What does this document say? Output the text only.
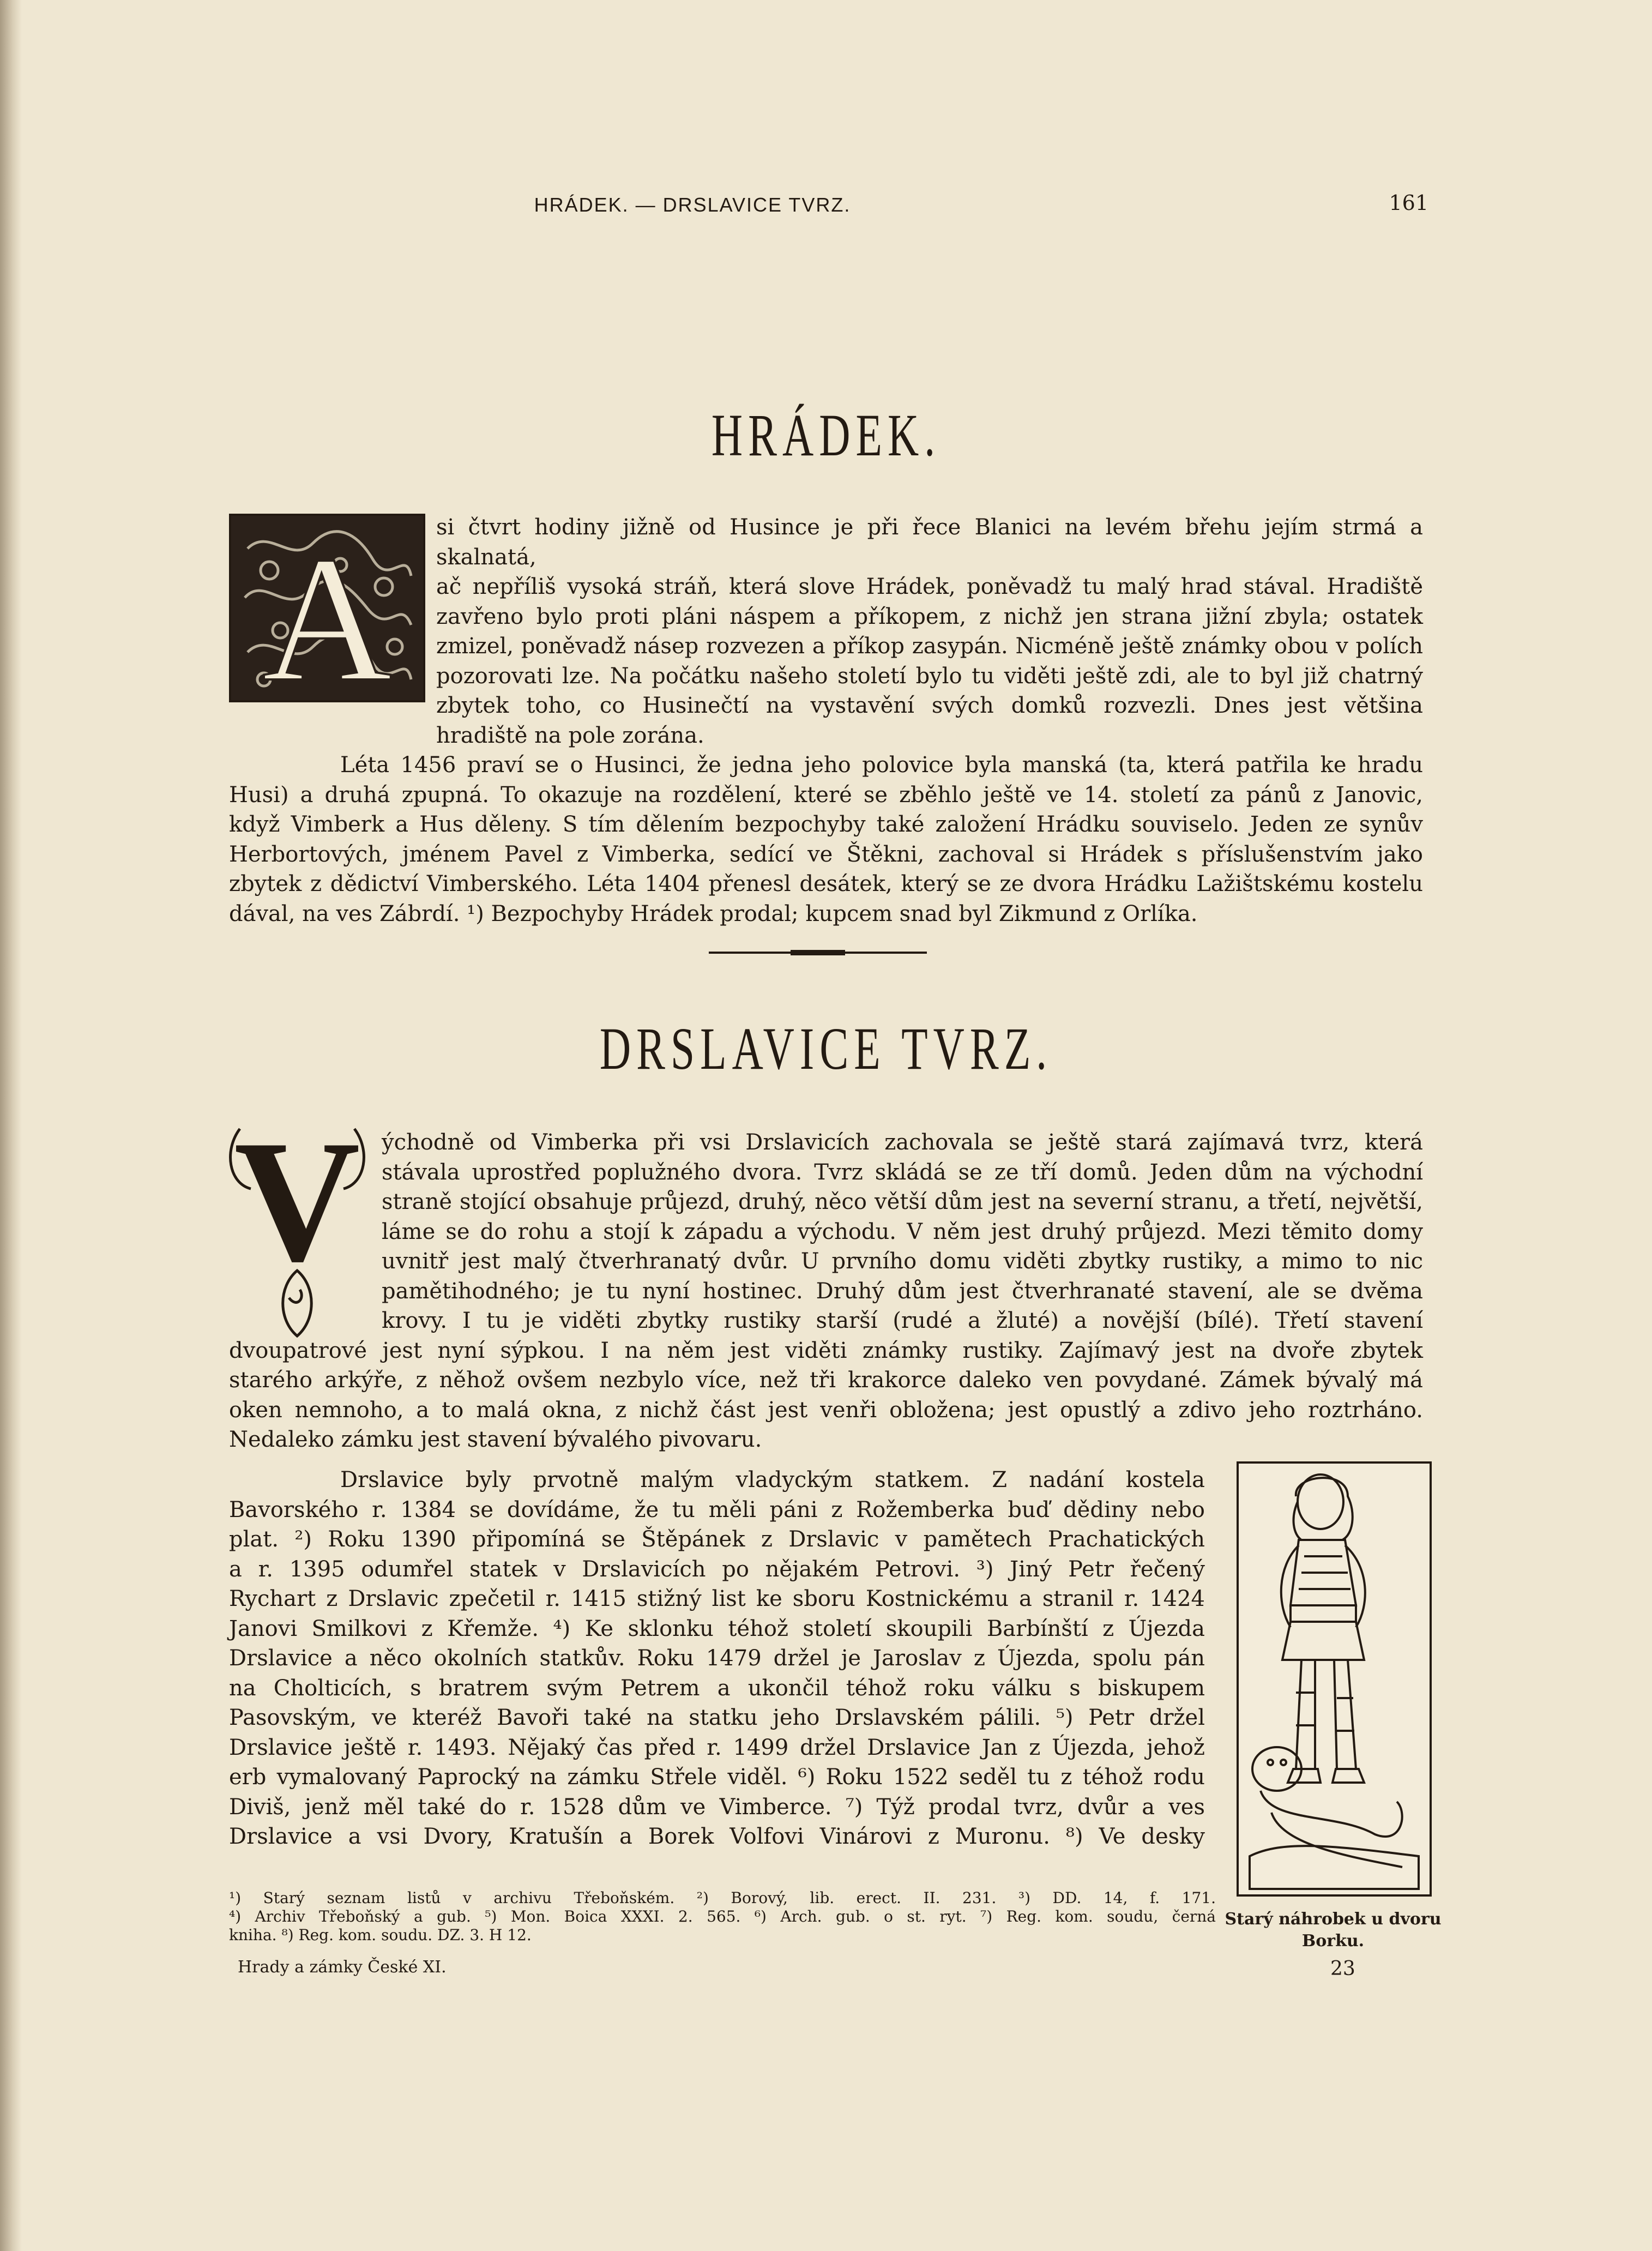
HRÁDEK. — DRSLAVICE TVRZ.	161
HRÁDEK.
A	si čtvrt hodiny jižně od Husince je při řece Blanici na levém břehu jejím strmá a skalnatá,
ač nepříliš vysoká stráň, která slove Hrádek, poněvadž tu malý hrad stával. Hradiště
zavřeno bylo proti pláni náspem a příkopem, z nichž jen strana jižní zbyla; ostatek
zmizel, poněvadž násep rozvezen a příkop zasypán. Nicméně ještě známky obou v polích
pozorovati lze. Na počátku našeho století bylo tu viděti ještě zdi, ale to byl již chatrný
zbytek toho, co Husinečtí na vystavění svých domků rozvezli. Dnes jest většina
hradiště na pole zorána.
Léta 1456 praví se o Husinci, že jedna jeho polovice byla manská (ta, která patřila ke hradu
Husi) a druhá zpupná. To okazuje na rozdělení, které se zběhlo ještě ve 14. století za pánů z Janovic,
když Vimberk a Hus děleny. S tím dělením bezpochyby také založení Hrádku souviselo. Jeden ze synův
Herbortových, jménem Pavel z Vimberka, sedící ve Štěkni, zachoval si Hrádek s příslušenstvím jako
zbytek z dědictví Vimberského. Léta 1404 přenesl desátek, který se ze dvora Hrádku Lažištskému kostelu
dával, na ves Zábrdí. ¹) Bezpochyby Hrádek prodal; kupcem snad byl Zikmund z Orlíka.
DRSLAVICE TVRZ.
V ýchodně od Vimberka při vsi Drslavicích zachovala se ještě stará zajímavá tvrz, která
stávala uprostřed poplužného dvora. Tvrz skládá se ze tří domů. Jeden dům na východní
straně stojící obsahuje průjezd, druhý, něco větší dům jest na severní stranu, a třetí, největší,
láme se do rohu a stojí k západu a východu. V něm jest druhý průjezd. Mezi těmito domy
uvnitř jest malý čtverhranatý dvůr. U prvního domu viděti zbytky rustiky, a mimo to nic
pamětihodného; je tu nyní hostinec. Druhý dům jest čtverhranaté stavení, ale se dvěma
krovy. I tu je viděti zbytky rustiky starší (rudé a žluté) a novější (bílé). Třetí stavení
dvoupatrové jest nyní sýpkou. I na něm jest viděti známky rustiky. Zajímavý jest na dvoře zbytek
starého arkýře, z něhož ovšem nezbylo více, než tři krakorce daleko ven povydané. Zámek bývalý má
oken nemnoho, a to malá okna, z nichž část jest venři obložena; jest opustlý a zdivo jeho roztrháno.
Nedaleko zámku jest stavení bývalého pivovaru.
Drslavice byly prvotně malým vladyckým statkem. Z nadání kostela
Bavorského r. 1384 se dovídáme, že tu měli páni z Rožemberka buď dědiny nebo
plat. ²) Roku 1390 připomíná se Štěpánek z Drslavic v pamětech Prachatických
a r. 1395 odumřel statek v Drslavicích po nějakém Petrovi. ³) Jiný Petr řečený
Rychart z Drslavic zpečetil r. 1415 stižný list ke sboru Kostnickému a stranil r. 1424
Janovi Smilkovi z Křemže. ⁴) Ke sklonku téhož století skoupili Barbínští z Újezda
Drslavice a něco okolních statkův. Roku 1479 držel je Jaroslav z Újezda, spolu pán
na Cholticích, s bratrem svým Petrem a ukončil téhož roku válku s biskupem
Pasovským, ve kteréž Bavoři také na statku jeho Drslavském pálili. ⁵) Petr držel
Drslavice ještě r. 1493. Nějaký čas před r. 1499 držel Drslavice Jan z Újezda, jehož
erb vymalovaný Paprocký na zámku Střele viděl. ⁶) Roku 1522 seděl tu z téhož rodu
Diviš, jenž měl také do r. 1528 dům ve Vimberce. ⁷) Týž prodal tvrz, dvůr a ves
Drslavice a vsi Dvory, Kratušín a Borek Volfovi Vinárovi z Muronu. ⁸) Ve desky
Starý náhrobek u dvoru Borku.
¹) Starý seznam listů v archivu Třeboňském. ²) Borový, lib. erect. II. 231. ³) DD. 14, f. 171.
⁴) Archiv Třeboňský a gub. ⁵) Mon. Boica XXXI. 2. 565. ⁶) Arch. gub. o st. ryt. ⁷) Reg. kom. soudu, černá
kniha. ⁸) Reg. kom. soudu. DZ. 3. H 12.
Hrady a zámky České XI.	23
